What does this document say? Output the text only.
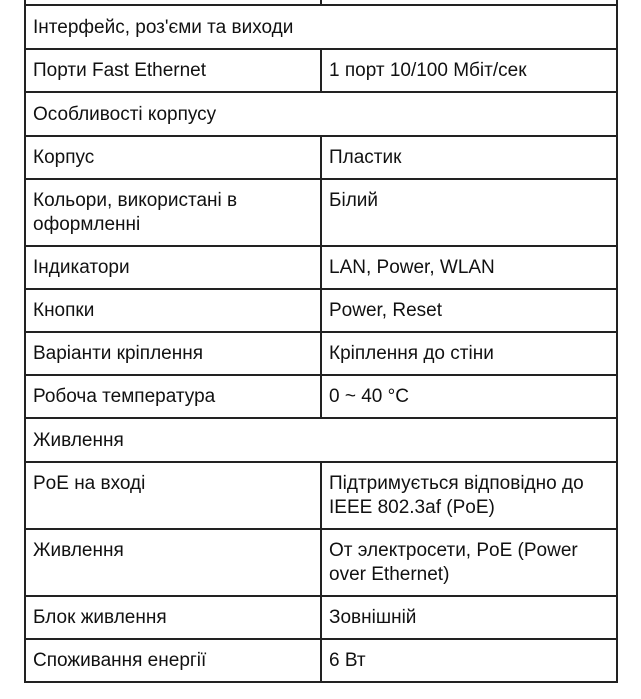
Інтерфейс, роз'єми та виходи	
Порти Fast Ethernet	1 порт 10/100 Мбіт/сек
Особливості корпусу	
Корпус	Пластик
Кольори, використані в оформленні	Білий
Індикатори	LAN, Power, WLAN
Кнопки	Power, Reset
Варіанти кріплення	Кріплення до стіни
Робоча температура	0 ~ 40 °C
Живлення	
PoE на вході	Підтримується відповідно до IEEE 802.3af (PoE)
Живлення	От электросети, PoE (Power over Ethernet)
Блок живлення	Зовнішній
Споживання енергії	6 Вт
